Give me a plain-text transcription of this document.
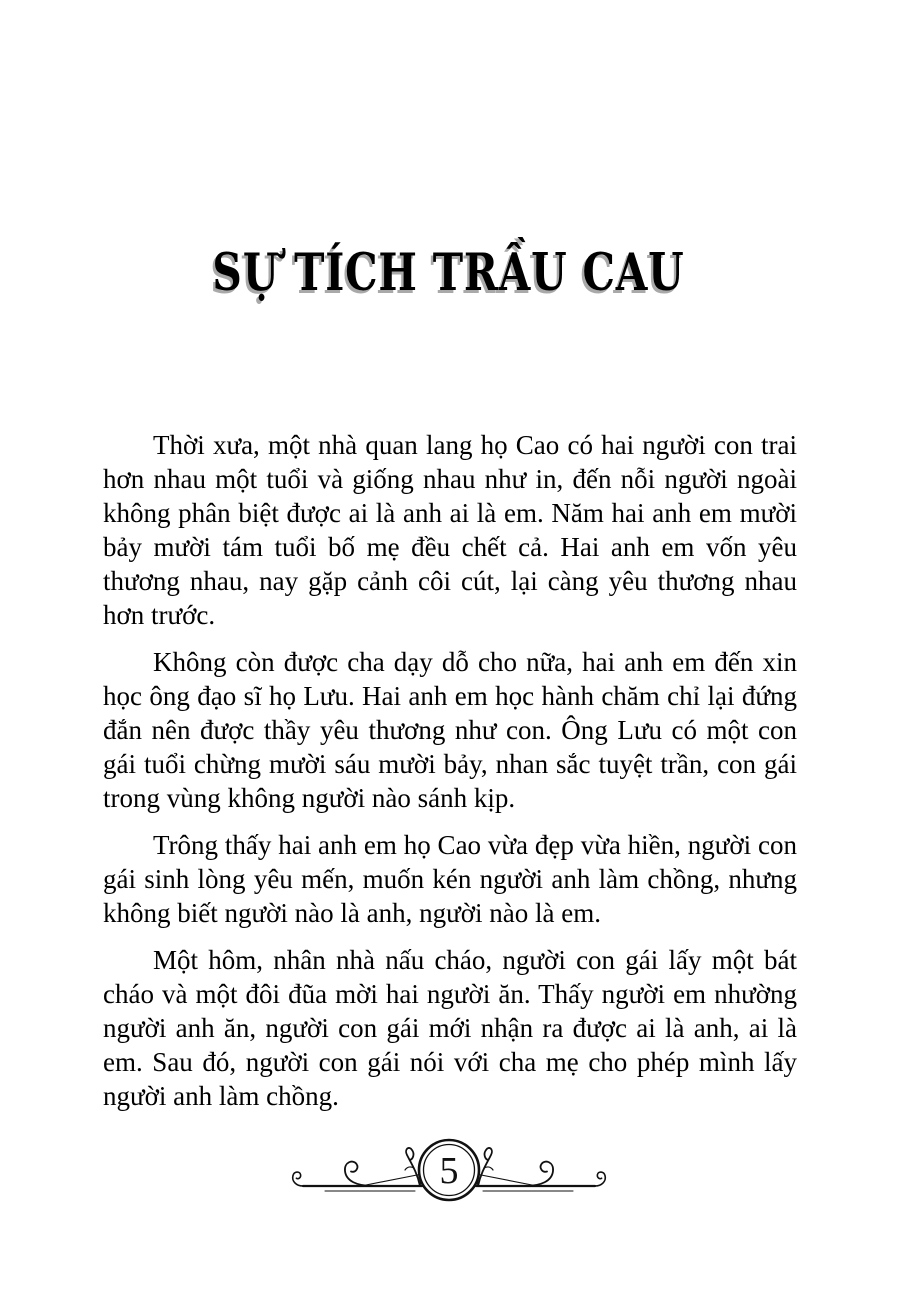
SỰ TÍCH TRẦU CAU

Thời xưa, một nhà quan lang họ Cao có hai người con trai hơn nhau một tuổi và giống nhau như in, đến nỗi người ngoài không phân biệt được ai là anh ai là em. Năm hai anh em mười bảy mười tám tuổi bố mẹ đều chết cả. Hai anh em vốn yêu thương nhau, nay gặp cảnh côi cút, lại càng yêu thương nhau hơn trước.

Không còn được cha dạy dỗ cho nữa, hai anh em đến xin học ông đạo sĩ họ Lưu. Hai anh em học hành chăm chỉ lại đứng đắn nên được thầy yêu thương như con. Ông Lưu có một con gái tuổi chừng mười sáu mười bảy, nhan sắc tuyệt trần, con gái trong vùng không người nào sánh kịp.

Trông thấy hai anh em họ Cao vừa đẹp vừa hiền, người con gái sinh lòng yêu mến, muốn kén người anh làm chồng, nhưng không biết người nào là anh, người nào là em.

Một hôm, nhân nhà nấu cháo, người con gái lấy một bát cháo và một đôi đũa mời hai người ăn. Thấy người em nhường người anh ăn, người con gái mới nhận ra được ai là anh, ai là em. Sau đó, người con gái nói với cha mẹ cho phép mình lấy người anh làm chồng.

5
